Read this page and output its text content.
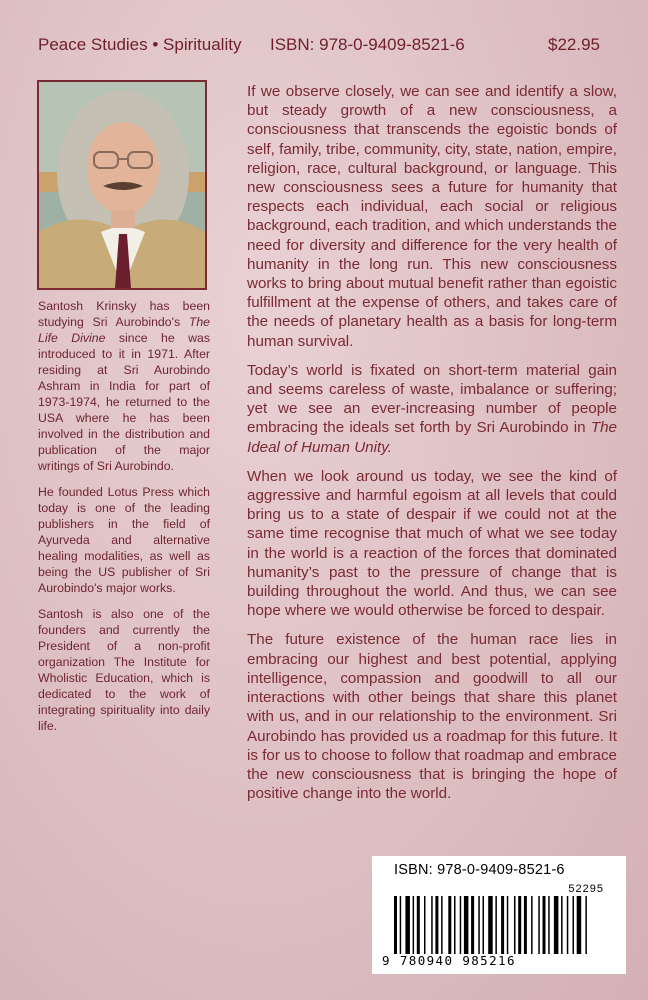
Peace Studies • Spirituality ISBN: 978-0-9409-8521-6	$22.95

Santosh Krinsky has been studying Sri Aurobindo's The Life Divine since he was introduced to it in 1971. After residing at Sri Aurobindo Ashram in India for part of 1973-1974, he returned to the USA where he has been involved in the distribution and publication of the major writings of Sri Aurobindo.

He founded Lotus Press which today is one of the leading publishers in the field of Ayurveda and alternative healing modalities, as well as being the US publisher of Sri Aurobindo's major works.

Santosh is also one of the founders and currently the President of a non-profit organization The Institute for Wholistic Education, which is dedicated to the work of integrating spirituality into daily life.

If we observe closely, we can see and identify a slow, but steady growth of a new consciousness, a consciousness that transcends the egoistic bonds of self, family, tribe, community, city, state, nation, empire, religion, race, cultural background, or language. This new consciousness sees a future for humanity that respects each individual, each social or religious background, each tradition, and which understands the need for diversity and difference for the very health of humanity in the long run. This new consciousness works to bring about mutual benefit rather than egoistic fulfillment at the expense of others, and takes care of the needs of planetary health as a basis for long-term human survival.

Today’s world is fixated on short-term material gain and seems careless of waste, imbalance or suffering; yet we see an ever-increasing number of people embracing the ideals set forth by Sri Aurobindo in The Ideal of Human Unity.

When we look around us today, we see the kind of aggressive and harmful egoism at all levels that could bring us to a state of despair if we could not at the same time recognise that much of what we see today in the world is a reaction of the forces that dominated humanity’s past to the pressure of change that is building throughout the world. And thus, we can see hope where we would otherwise be forced to despair.

The future existence of the human race lies in embracing our highest and best potential, applying intelligence, compassion and goodwill to all our interactions with other beings that share this planet with us, and in our relationship to the environment. Sri Aurobindo has provided us a roadmap for this future. It is for us to choose to follow that roadmap and embrace the new consciousness that is bringing the hope of positive change into the world.

ISBN: 978-0-9409-8521-6
52295
9 780940 985216
